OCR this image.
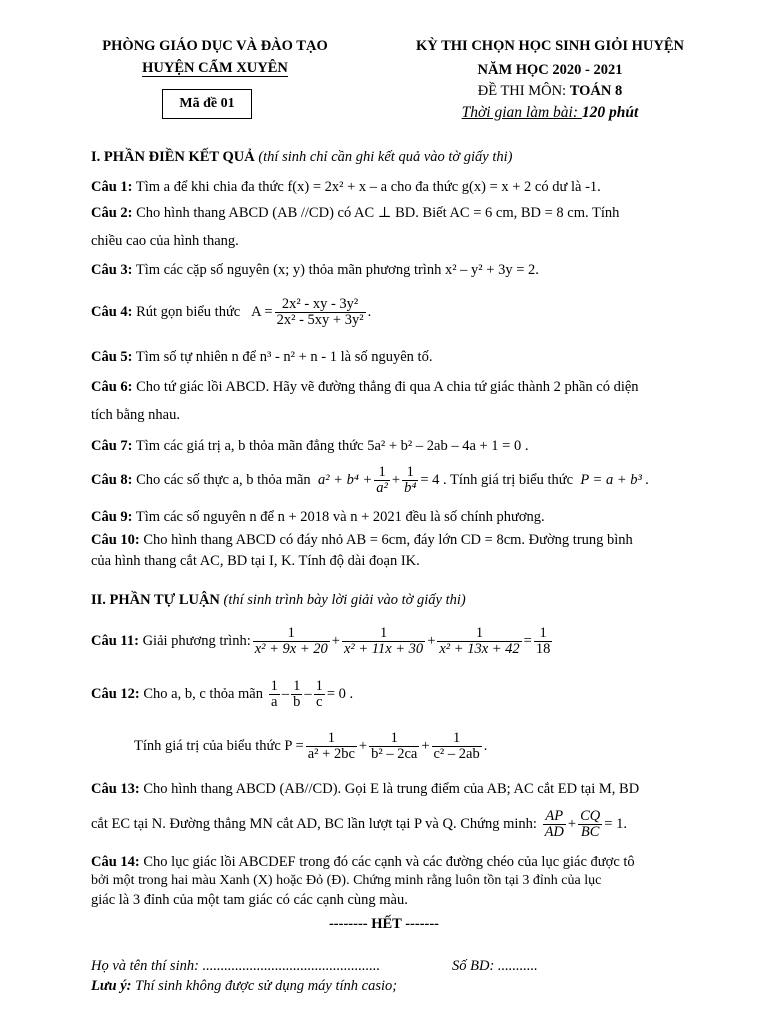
PHÒNG GIÁO DỤC VÀ ĐÀO TẠO
HUYỆN CẨM XUYÊN
Mã đề 01
KỲ THI CHỌN HỌC SINH GIỎI HUYỆN
NĂM HỌC 2020 - 2021
ĐỀ THI MÔN: TOÁN 8
Thời gian làm bài: 120 phút
I. PHẦN ĐIỀN KẾT QUẢ (thí sinh chỉ cần ghi kết quả vào tờ giấy thi)
Câu 1: Tìm a để khi chia đa thức f(x) = 2x² + x – a cho đa thức g(x) = x + 2 có dư là -1.
Câu 2: Cho hình thang ABCD (AB //CD) có AC ⊥ BD. Biết AC = 6 cm, BD = 8 cm. Tính
chiều cao của hình thang.
Câu 3: Tìm các cặp số nguyên (x; y) thỏa mãn phương trình x² – y² + 3y = 2.
Câu 4:
Rút gọn biểu thức
$A = \frac{\text{2x² - xy - 3y²}}{\text{2x² - 5xy + 3y²}}$ .
Câu 5: Tìm số tự nhiên n để n³ - n² + n - 1 là số nguyên tố.
Câu 6: Cho tứ giác lồi ABCD. Hãy vẽ đường thẳng đi qua A chia tứ giác thành 2 phần có diện
tích bằng nhau.
Câu 7: Tìm các giá trị a, b thỏa mãn đẳng thức 5a² + b² – 2ab – 4a + 1 = 0 .
Câu 8:
Cho các số thực a, b thỏa mãn
$a^2 + b^4 + \frac{1}{\text{a²}} + \frac{1}{\text{b⁴}} = 4$ . Tính giá trị biểu thức
P = a + b³ .
Câu 9: Tìm các số nguyên n để n + 2018 và n + 2021 đều là số chính phương.
Câu 10: Cho hình thang ABCD có đáy nhỏ AB = 6cm, đáy lớn CD = 8cm. Đường trung bình
của hình thang cắt AC, BD tại I, K. Tính độ dài đoạn IK.
II. PHẦN TỰ LUẬN (thí sinh trình bày lời giải vào tờ giấy thi)
Câu 11:
Giải phương trình: $\frac{1}{\text{x² + 9x + 20}} + \frac{1}{\text{x² + 11x + 30}} + \frac{1}{\text{x² + 13x + 42}} = \frac{1}{18}$
Câu 12:
Cho a, b, c thỏa mãn
$\frac{1}{a} - \frac{1}{b} - \frac{1}{c} = 0$ .
Tính giá trị của biểu thức
$P = \frac{1}{\text{a² + 2bc}} + \frac{1}{\text{b² – 2ca}} + \frac{1}{\text{c² – 2ab}}$ .
Câu 13: Cho hình thang ABCD (AB//CD). Gọi E là trung điểm của AB; AC cắt ED tại M, BD
cắt EC tại N. Đường thẳng MN cắt AD, BC lần lượt tại P và Q. Chứng minh:
$\frac{AP}{AD} + \frac{CQ}{BC} = 1$.
Câu 14: Cho lục giác lồi ABCDEF trong đó các cạnh và các đường chéo của lục giác được tô
bởi một trong hai màu Xanh (X) hoặc Đỏ (Đ). Chứng minh rằng luôn tồn tại 3 đỉnh của lục
giác là 3 đỉnh của một tam giác có các cạnh cùng màu.
-------- HẾT -------
Họ và tên thí sinh: .................................................	Số BD: ...........
Lưu ý: Thí sinh không được sử dụng máy tính casio;
